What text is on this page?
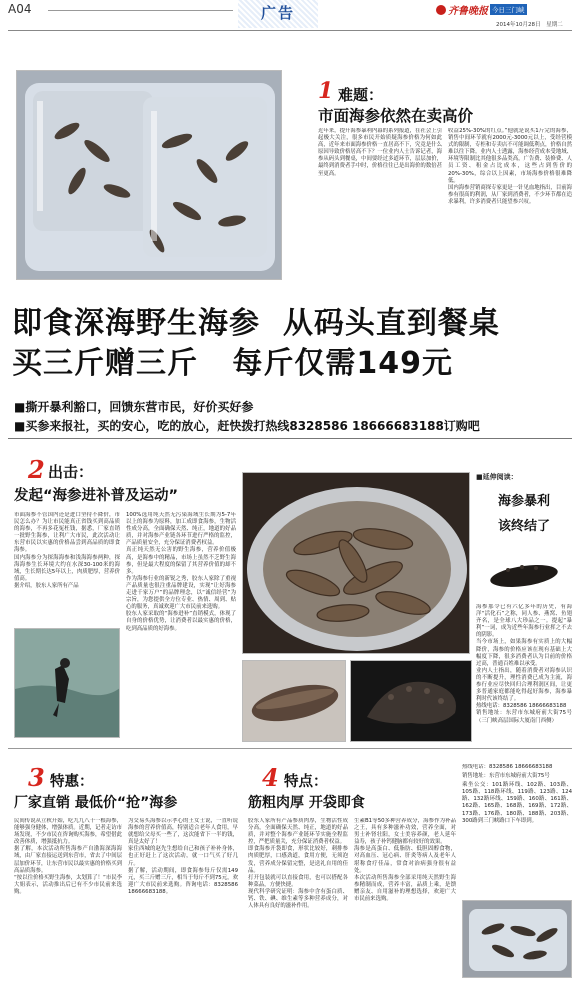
A04	广告	齐鲁晚报 今日三门峡
2014年10月28日 星期二
1 难题：
市面海参依然在卖高价
近年来，提升海参暴利内幕的系列报道，在社会上引起极大关注，很多市民开始质疑海参价格为何如此高，近年来市面海参价格一直居高不下，究竟是什么原因导致价格居高不下？一位业内人士告诉记者，海参从码头到餐桌，中间要经过多道环节，层层加价，最终到消费者手中时，价格往往已是出海价的数倍甚至更高。
收益25%-30%的红点。”他就是说买1斤完的海参，销售中间环节就有2000元-3000元以上，受经营模式的限制，专柜和专卖店不可能调低利点，价格自然难以往下降。业内人士透露，海参经营成本受地域、环境等限制比其他很多品类高，广告费、装修费、人员工资、租金占比成本，这些占到售价的20%-30%，综合以上因素，市场海参价格很难降低。
国内海参营销商探专家更是一针见血地指出，目前海参有很高的利润，从厂家到消费者，不少环节都在追求暴利，许多消费者只能望参兴叹。
即食深海野生海参  从码头直到餐桌
买三斤赠三斤   每斤仅需149元
■撕开暴利豁口，回馈东营市民，好价买好参
■买参来报社，买的安心，吃的放心，赶快拨打热线8328586 18666683188订购吧
2 出击：
发起“海参进补普及运动”
市面海参不管国内还是进口坚持不降价，市民怎么办？为让市民能真正省钱买到高品质的海参，不再多花冤枉钱，据悉，厂家直销一批野生海参，让利广大市民，此次活动让东营市民以实惠的价格品尝到高品质的即食海参。
国内海参分为探海海参和浅海海参两种，探海海参生长环境大约在水深30-100米的海域，生长期长达5年以上，肉质肥厚，营养价值高。
据介绍，胶东人家所有产品
100%选用纯天然无污染海域生长期为5-7年以上的海参为原料，加工成即食海参，生物活性成分高，全面确保天然、纯正，地道的好品质，并对海参产业链各环节进行严格的监控，产品质量安全，充分保证消费者权益。
真正纯天然无公害的野生海参，营养价值极高，是海参中的精品，市场上虽然不乏野生海参，但是最大程度的保留了其营养价值的却不多。
作为海参行业的新锐之秀，胶东人家除了重视产品质量也很注重品牌建设，实现“让好海参走进千家万户”的品牌理念，以“诚信经营”为宗旨，为您提供全方位专业、热情、周到、贴心的服务，真诚欢迎广大市民前来选购。
胶东人家采取的“海参进补”直销模式，体现了自身的价格优势，让消费者以最实惠的价格，吃到高品质的好海参。
■延伸阅读：
海参暴利
该终结了
海参那令已有六亿多年的历史，有海洋“活化石”之称，同人参、燕窝、鱼翅齐名，是全球八大珍品之一。提起“暴利”一词，成为近些年海参行业挥之不去的阴影。
当今市场上，如果海参有实质上的大幅降价，海参的价格应该在现有基础上大幅度下降，很多消费者认为目前的价格过高，普通百姓难以承受。
业内人士指出，随着消费者对海参认识的不断提升，理性消费已成为主流，海参行业应尽快回归合理利润区间，让更多普通家庭都能吃得起好海参，海参暴利时代该终结了。
热线电话：8328586 18666683188
销售地址：东营市东城府前大街75号（三门峡高层国际大厦南门西侧）
3 特惠：
厂家直销 最低价“抢”海参
民间传说从立秋开始，吃九九八十一根海参，能够强身健体，增强体质。近期，记者走访市场发现，不少市民在咨询购买海参，希望借此改善体质，增强抵抗力。
据了解，本次活动所售海参产自渤海深海海域，由厂家直接运送到东营市，省去了中间层层加价环节，让东营市民以最实惠的价格买到高品质海参。
“按以往价格买野生海参，太划算了！”市民李大姐表示，活动推出后已有不少市民前来选购。
为交易买海参以示孝心的王女士说，一直听说海参的营养价值高，特别适合老年人食用，早就想给父母买一些了，这次能省下一半的钱，真是太好了！
家住西城的赵先生想给自己和孩子补补身体，也正好赶上了这次活动，就一口气买了好几斤。
据了解，活动期间，即食海参每斤仅需149元，买三斤赠三斤，相当于每斤不到75元，欢迎广大市民前来选购。咨询电话：8328586 18666683188。
4 特点：
筋粗肉厚 开袋即食
胶东人家所有产品参质肉厚，生物活性成分高，全面确保天然、纯正，地道的好品质，并对整个海参产业链环节实施全程监控，严把质量关，充分保证消费者权益。
即食海参开袋即食，形状比较好，刺排参肉质肥厚，口感劲道，食用方便，无须泡发，营养成分保留完整，是送礼自用的佳品。
打开包装就可以直接食用，也可以搭配各种菜品，方便快捷。
现代科学研究证明：海参中含有蛋白质、钙、铁、碘、维生素等多种营养成分，对人体具有良好的滋补作用。
生素B1等50多种营养成分，海参作为补品之王，具有多种滋补功效，营养全面，对男士补肾壮阳，女士美容养颜，老人延年益寿，孩子补钙健脑都有较好的效果。
海参是高蛋白、低脂肪、低胆固醇食物，对高血压、冠心病、肝炎等病人及老年人堪称食疗佳品，常食对治病强身很有益处。
本次活动所售海参全部采用纯天然野生海参精制而成，营养丰富，品质上乘，是馈赠亲友、自用滋补的理想选择，欢迎广大市民前来选购。
热线电话：8328586 18666683188
销售地址：东营市东城府前大街75号
乘坐公交：101路环线、102路、103路、105路、118路环线、119路、123路、124路、132路环线、159路、160路、161路、162路、165路、168路、169路、172路、173路、176路、180路、188路、203路、300路到三门峡路口下车即到。
